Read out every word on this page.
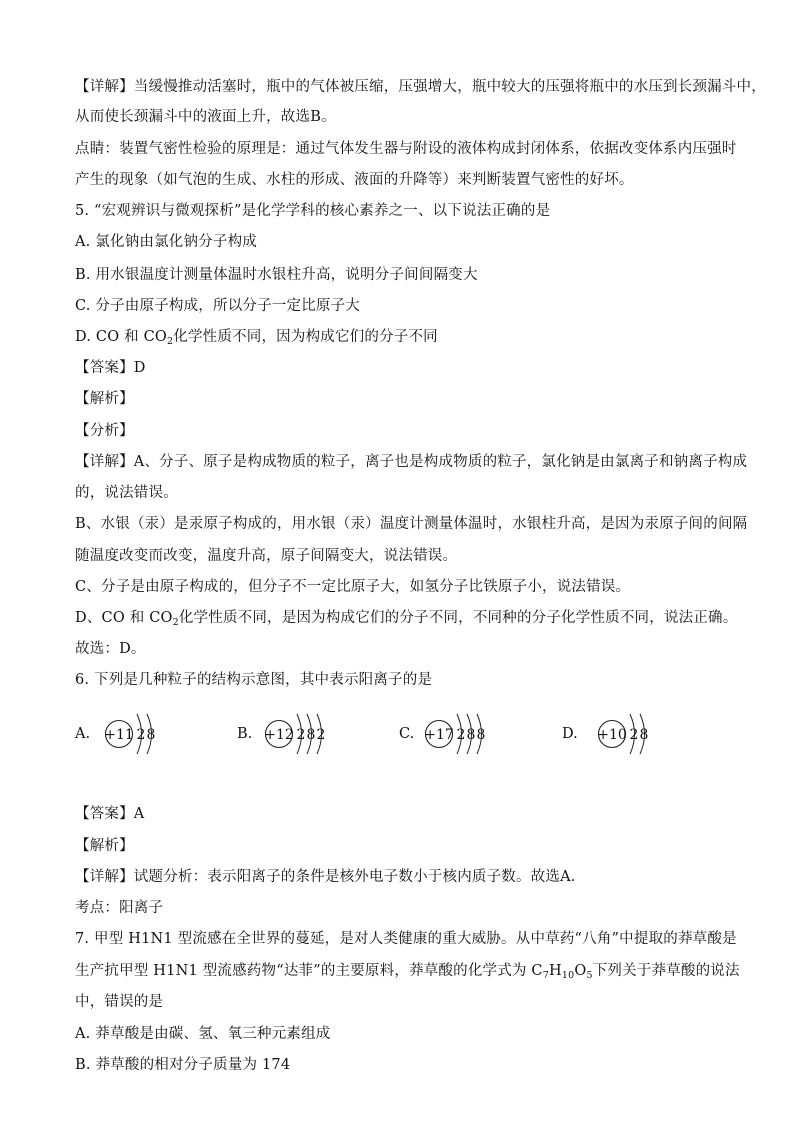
【详解】当缓慢推动活塞时，瓶中的气体被压缩，压强增大，瓶中较大的压强将瓶中的水压到长颈漏斗中，

从而使长颈漏斗中的液面上升，故选B。

点睛：装置气密性检验的原理是：通过气体发生器与附设的液体构成封闭体系，依据改变体系内压强时

产生的现象（如气泡的生成、水柱的形成、液面的升降等）来判断装置气密性的好坏。

5. “宏观辨识与微观探析”是化学学科的核心素养之一、以下说法正确的是

A. 氯化钠由氯化钠分子构成

B. 用水银温度计测量体温时水银柱升高，说明分子间间隔变大

C. 分子由原子构成，所以分子一定比原子大

D. CO 和 $CO_2$化学性质不同，因为构成它们的分子不同

【答案】D

【解析】

【分析】

【详解】A、分子、原子是构成物质的粒子，离子也是构成物质的粒子，氯化钠是由氯离子和钠离子构成

的，说法错误。

B、水银（汞）是汞原子构成的，用水银（汞）温度计测量体温时，水银柱升高，是因为汞原子间的间隔

随温度改变而改变，温度升高，原子间隔变大，说法错误。

C、分子是由原子构成的，但分子不一定比原子大，如氢分子比铁原子小，说法错误。

D、CO 和 $CO_2$化学性质不同，是因为构成它们的分子不同，不同种的分子化学性质不同，说法正确。

故选：D。

6. 下列是几种粒子的结构示意图，其中表示阳离子的是

A. +11 2 8	B. +12 2 8 2	C. +17 2 8 8	D. +10 2 8

【答案】A

【解析】

【详解】试题分析：表示阳离子的条件是核外电子数小于核内质子数。故选A.

考点：阳离子

7. 甲型 H1N1 型流感在全世界的蔓延，是对人类健康的重大威胁。从中草药“八角”中提取的莽草酸是

生产抗甲型 H1N1 型流感药物“达菲”的主要原料，莽草酸的化学式为 $C_7H_{10}O_5$下列关于莽草酸的说法

中，错误的是

A. 莽草酸是由碳、氢、氧三种元素组成

B. 莽草酸的相对分子质量为 174
